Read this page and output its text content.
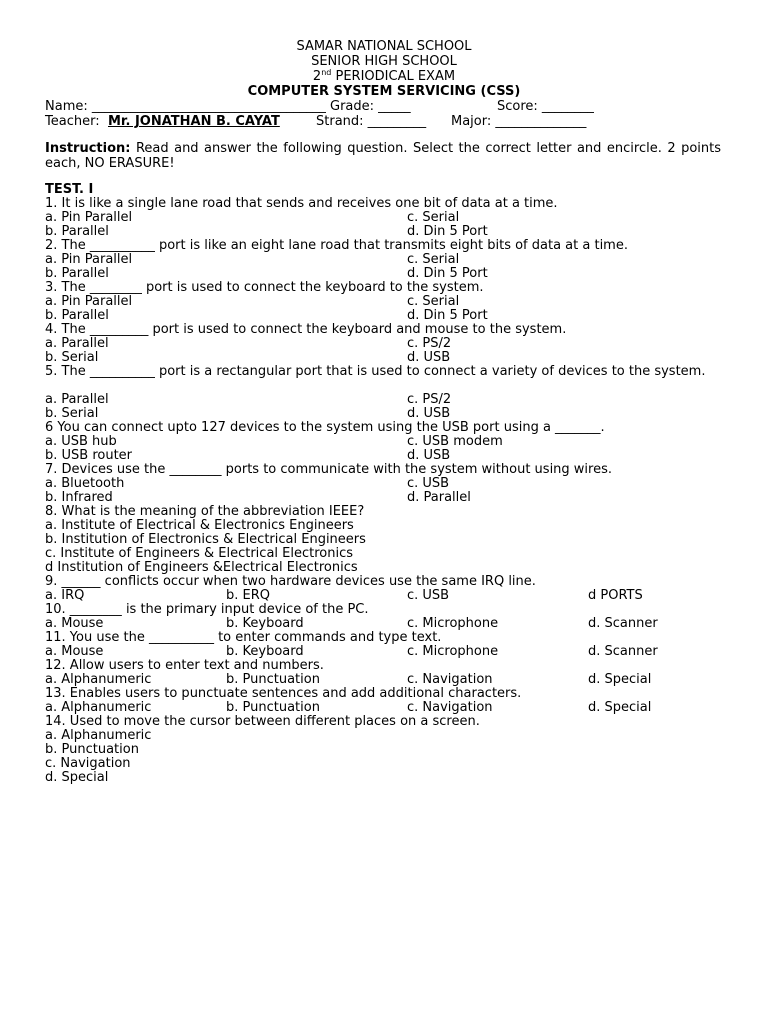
SAMAR NATIONAL SCHOOL
SENIOR HIGH SCHOOL
2nd PERIODICAL EXAM
COMPUTER SYSTEM SERVICING (CSS)
Name: ____________________________________ Grade: _____	Score: ________
Teacher: Mr. JONATHAN B. CAYAT	Strand: _________ Major: ______________
Instruction: Read and answer the following question. Select the correct letter and encircle. 2 points each, NO ERASURE!
TEST. I
1. It is like a single lane road that sends and receives one bit of data at a time.
a. Pin Parallel	c. Serial
b. Parallel	d. Din 5 Port
2. The __________ port is like an eight lane road that transmits eight bits of data at a time.
a. Pin Parallel	c. Serial
b. Parallel	d. Din 5 Port
3. The ________ port is used to connect the keyboard to the system.
a. Pin Parallel	c. Serial
b. Parallel	d. Din 5 Port
4. The _________ port is used to connect the keyboard and mouse to the system.
a. Parallel	c. PS/2
b. Serial	d. USB
5. The __________ port is a rectangular port that is used to connect a variety of devices to the system.
a. Parallel	c. PS/2
b. Serial	d. USB
6 You can connect upto 127 devices to the system using the USB port using a _______.
a. USB hub	c. USB modem
b. USB router	d. USB
7. Devices use the ________ ports to communicate with the system without using wires.
a. Bluetooth	c. USB
b. Infrared	d. Parallel
8. What is the meaning of the abbreviation IEEE?
a. Institute of Electrical & Electronics Engineers
b. Institution of Electronics & Electrical Engineers
c. Institute of Engineers & Electrical Electronics
d Institution of Engineers &Electrical Electronics
9. ______ conflicts occur when two hardware devices use the same IRQ line.
a. IRQ	b. ERQ	c. USB	d PORTS
10. ________ is the primary input device of the PC.
a. Mouse	b. Keyboard	c. Microphone	d. Scanner
11. You use the __________ to enter commands and type text.
a. Mouse	b. Keyboard	c. Microphone	d. Scanner
12. Allow users to enter text and numbers.
a. Alphanumeric	b. Punctuation	c. Navigation	d. Special
13. Enables users to punctuate sentences and add additional characters.
a. Alphanumeric	b. Punctuation	c. Navigation	d. Special
14. Used to move the cursor between different places on a screen.
a. Alphanumeric
b. Punctuation
c. Navigation
d. Special
